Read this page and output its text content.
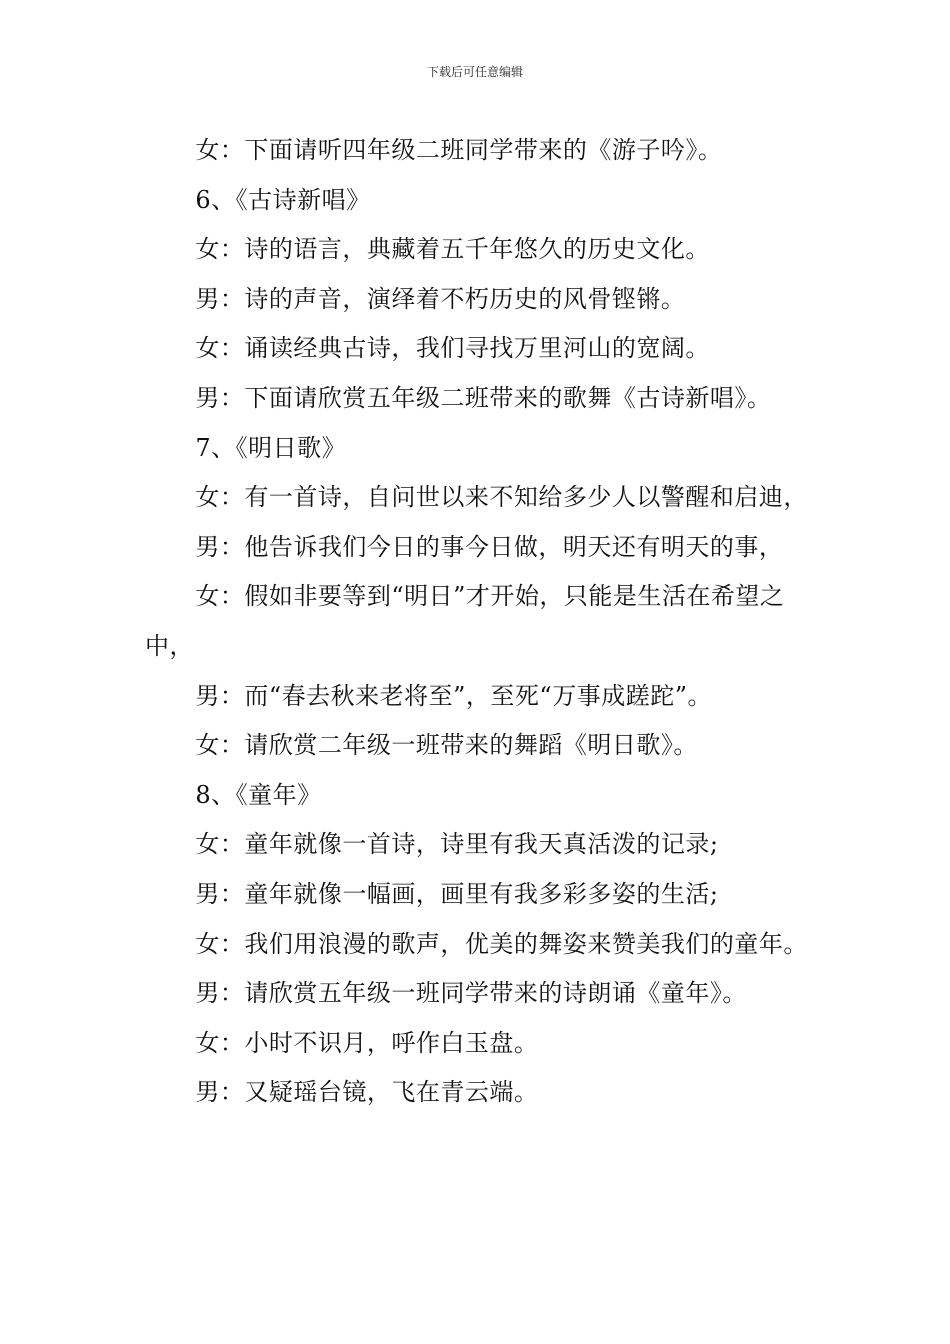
下载后可任意编辑
女：下面请听四年级二班同学带来的《游子吟》。
6、《古诗新唱》
女：诗的语言，典藏着五千年悠久的历史文化。
男：诗的声音，演绎着不朽历史的风骨铿锵。
女：诵读经典古诗，我们寻找万里河山的宽阔。
男：下面请欣赏五年级二班带来的歌舞《古诗新唱》。
7、《明日歌》
女：有一首诗，自问世以来不知给多少人以警醒和启迪，
男：他告诉我们今日的事今日做，明天还有明天的事，
女：假如非要等到“明日”才开始，只能是生活在希望之中，
男：而“春去秋来老将至”，至死“万事成蹉跎”。
女：请欣赏二年级一班带来的舞蹈《明日歌》。
8、《童年》
女：童年就像一首诗，诗里有我天真活泼的记录;
男：童年就像一幅画，画里有我多彩多姿的生活;
女：我们用浪漫的歌声，优美的舞姿来赞美我们的童年。
男：请欣赏五年级一班同学带来的诗朗诵《童年》。
女：小时不识月，呼作白玉盘。
男：又疑瑶台镜，飞在青云端。
